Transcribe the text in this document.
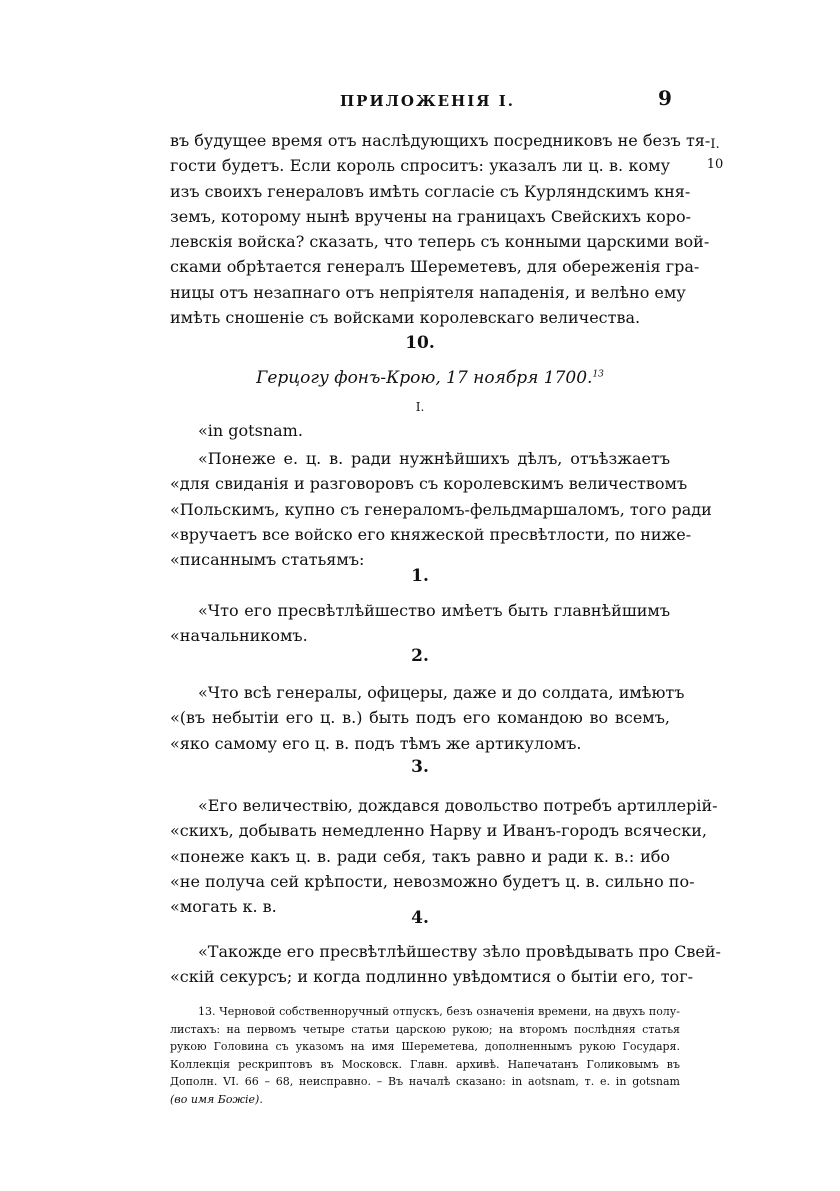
ПРИЛОЖЕНІЯ I.	9
I.
10
въ будущее время отъ наслѣдующихъ посредниковъ не безъ тя-
гости будетъ. Если король спроситъ: указалъ ли ц. в. кому
изъ своихъ генераловъ имѣть согласіе съ Курляндскимъ кня-
земъ, которому нынѣ вручены на границахъ Свейскихъ коро-
левскія войска? сказать, что теперь съ конными царскими вой-
сками обрѣтается генералъ Шереметевъ, для обереженія гра-
ницы отъ незапнаго отъ непріятеля нападенія, и велѣно ему
имѣть сношеніе съ войсками королевскаго величества.
10.
Герцогу фонъ-Крою, 17 ноября 1700.13
I.
«in gotsnam.
«Понеже е. ц. в. ради нужнѣйшихъ дѣлъ, отъѣзжаетъ
«для свиданія и разговоровъ съ королевскимъ величествомъ
«Польскимъ, купно съ генераломъ-фельдмаршаломъ, того ради
«вручаетъ все войско его княжеской пресвѣтлости, по ниже-
«писаннымъ статьямъ:
1.
«Что его пресвѣтлѣйшество имѣетъ быть главнѣйшимъ
«начальникомъ.
2.
«Что всѣ генералы, офицеры, даже и до солдата, имѣютъ
«(въ небытіи его ц. в.) быть подъ его командою во всемъ,
«яко самому его ц. в. подъ тѣмъ же артикуломъ.
3.
«Его величествію, дождався довольство потребъ артиллерій-
«скихъ, добывать немедленно Нарву и Иванъ-городъ всячески,
«понеже какъ ц. в. ради себя, такъ равно и ради к. в.: ибо
«не получа сей крѣпости, невозможно будетъ ц. в. сильно по-
«могать к. в.
4.
«Такожде его пресвѣтлѣйшеству зѣло провѣдывать про Свей-
«скій секурсъ; и когда подлинно увѣдомтися о бытіи его, тог-
13. Черновой собственноручный отпускъ, безъ означенія времени, на двухъ полу-
листахъ: на первомъ четыре статьи царскою рукою; на второмъ послѣдняя статья
рукою Головина съ указомъ на имя Шереметева, дополненнымъ рукою Государя.
Коллекція рескриптовъ въ Московск. Главн. архивѣ. Напечатанъ Голиковымъ въ
Дополн. VI. 66 – 68, неисправно. – Въ началѣ сказано: in aotsnam, т. е. in gotsnam
(во имя Божіе).
